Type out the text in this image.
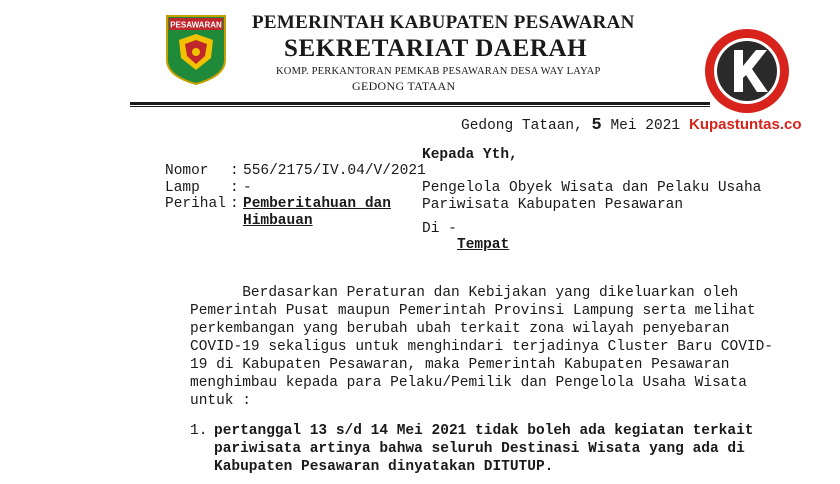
PESAWARAN PEMERINTAH KABUPATEN PESAWARAN
SEKRETARIAT DAERAH
KOMP. PERKANTORAN PEMKAB PESAWARAN DESA WAY LAYAP
GEDONG TATAAN
Kupastuntas.co
Gedong Tataan, 5 Mei 2021
Nomor : 556/2175/IV.04/V/2021
Lamp : -
Perihal : Pemberitahuan dan
Himbauan
Kepada Yth,
Pengelola Obyek Wisata dan Pelaku Usaha
Pariwisata Kabupaten Pesawaran
Di -
Tempat

Berdasarkan Peraturan dan Kebijakan yang dikeluarkan oleh

Pemerintah Pusat maupun Pemerintah Provinsi Lampung serta melihat

perkembangan yang berubah ubah terkait zona wilayah penyebaran

COVID-19 sekaligus untuk menghindari terjadinya Cluster Baru COVID-

19 di Kabupaten Pesawaran, maka Pemerintah Kabupaten Pesawaran

menghimbau kepada para Pelaku/Pemilik dan Pengelola Usaha Wisata

untuk :

1. pertanggal 13 s/d 14 Mei 2021 tidak boleh ada kegiatan terkait
pariwisata artinya bahwa seluruh Destinasi Wisata yang ada di
Kabupaten Pesawaran dinyatakan DITUTUP.
